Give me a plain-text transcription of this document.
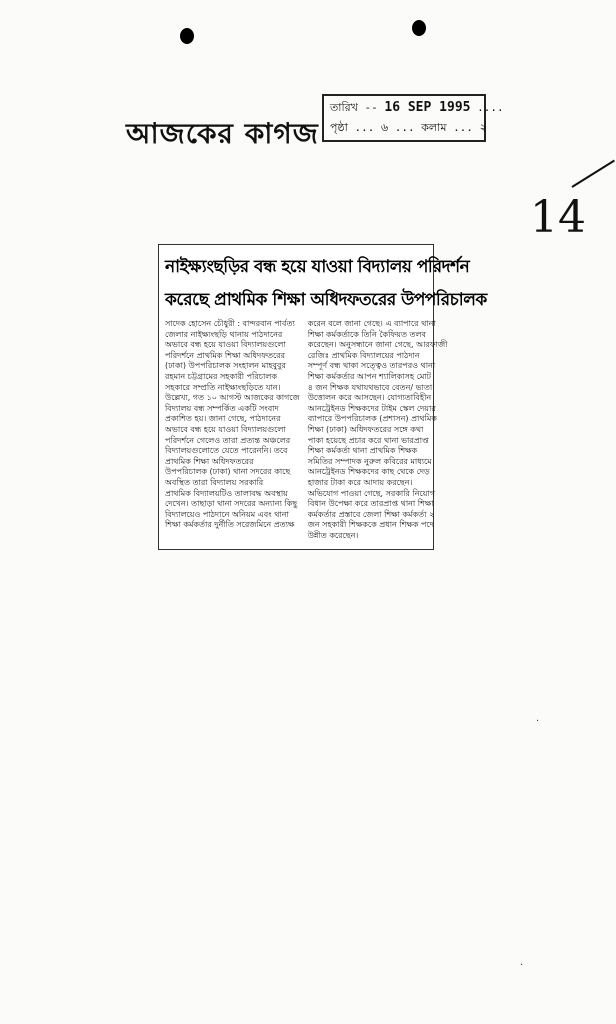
আজকের কাগজ
তারিখ -- 16 SEP 1995 ....
পৃষ্ঠা ... ৬ ... কলাম ... ২
14
নাইক্ষ্যংছড়ির বন্ধ হয়ে যাওয়া বিদ্যালয় পরিদর্শন
করেছে প্রাথমিক শিক্ষা অধিদফতরের উপপরিচালক
সাদেক হোসেন চৌধুরী : বান্দরবান পার্বত্য
জেলার নাইক্ষ্যংছড়ি থানায় পাঠদানের
অভাবে বন্ধ হয়ে যাওয়া বিদ্যালয়গুলো
পরিদর্শনে প্রাথমিক শিক্ষা অধিদফতরের
(ঢাকা) উপপরিচালক সংহালন মাহবুবুর
রহমান চট্টগ্রামের সহকারী পরিচালক
সহকারে সম্প্রতি নাইক্ষ্যংছড়িতে যান।
উল্লেখ্য, গত ১০ আগস্ট আজকের কাগজে
বিদ্যালয় বন্ধ সম্পর্কিত একটি সংবাদ
প্রকাশিত হয়। জানা গেছে, পাঠদানের
অভাবে বন্ধ হয়ে যাওয়া বিদ্যালয়গুলো
পরিদর্শনে গেলেও তারা প্রত্যন্ত অঞ্চলের
বিদ্যালয়গুলোতে যেতে পারেননি। তবে
প্রাথমিক শিক্ষা অধিদফতরের
উপপরিচালক (ঢাকা) থানা সদরের কাছে
অবস্থিত তারা বিদ্যালয় সরকারি
প্রাথমিক বিদ্যালয়টিও তালাবদ্ধ অবস্থায়
দেখেন। তাছাড়া থানা সদরের অন্যান্য কিছু
বিদ্যালয়েও পাঠদানে অনিয়ম এবং থানা
শিক্ষা কর্মকর্তার দুর্নীতি সরেজমিনে প্রত্যক্ষ
করেন বলে জানা গেছে। এ ব্যাপারে থানা
শিক্ষা কর্মকর্তাকে তিনি কৈফিয়ত তলব
করেছেন। অনুসন্ধানে জানা গেছে, আরফাজী
রেজিঃ প্রাথমিক বিদ্যালয়ের পাঠদান
সম্পূর্ণ বন্ধ থাকা সত্ত্বেও তারপরও থানা
শিক্ষা কর্মকর্তার আপন শ্যালিকাসহ মোট
৪ জন শিক্ষক যথাযথভাবে বেতন/ ভাতা
উত্তোলন করে আসছেন। যোগ্যতাবিহীন
আনট্রেইনড শিক্ষকদের টাইম স্কেল দেয়ার
ব্যাপারে উপপরিচালক (প্রশাসন) প্রাথমিক
শিক্ষা (ঢাকা) অধিদফতরের সঙ্গে কথা
পাকা হয়েছে প্রচার করে থানা ভারপ্রাপ্ত
শিক্ষা কর্মকর্তা থানা প্রাথমিক শিক্ষক
সমিতির সম্পাদক নুরুল কবিরের মাধ্যমে
আনট্রেইনড শিক্ষকদের কাছ থেকে দেড়
হাজার টাকা করে আদায় করছেন।
অভিযোগ পাওয়া গেছে, সরকারি নিয়োগ
বিধান উপেক্ষা করে তারপ্রাপ্ত থানা শিক্ষা
কর্মকর্তার প্রস্তাবে জেলা শিক্ষা কর্মকর্তা ২
জন সহকারী শিক্ষককে প্রধান শিক্ষক পদে
উন্নীত করেছেন।
·
·
